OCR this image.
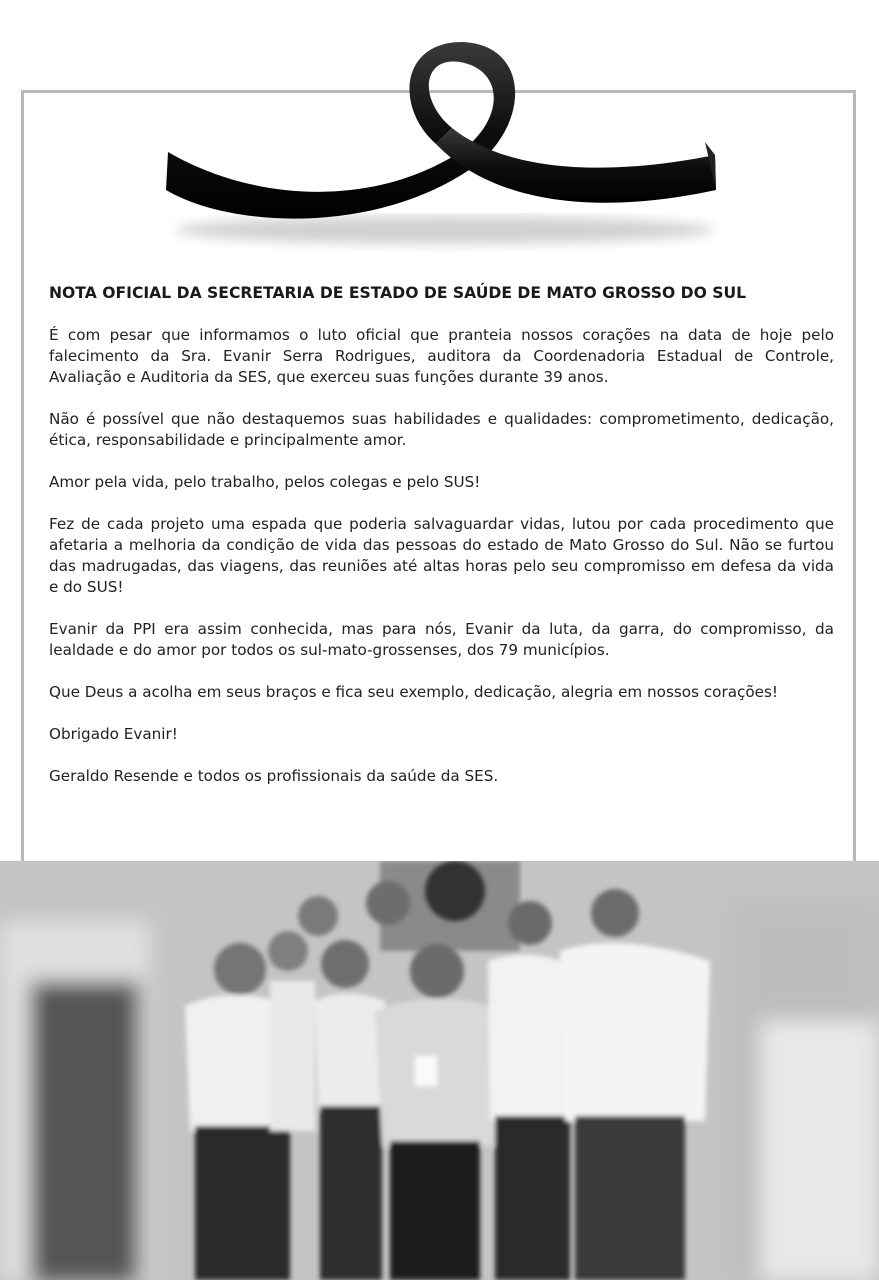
NOTA OFICIAL DA SECRETARIA DE ESTADO DE SAÚDE DE MATO GROSSO DO SUL

É com pesar que informamos o luto oficial que pranteia nossos corações na data de hoje pelo falecimento da Sra. Evanir Serra Rodrigues, auditora da Coordenadoria Estadual de Controle, Avaliação e Auditoria da SES, que exerceu suas funções durante 39 anos.

Não é possível que não destaquemos suas habilidades e qualidades: comprometimento, dedicação, ética, responsabilidade e principalmente amor.

Amor pela vida, pelo trabalho, pelos colegas e pelo SUS!

Fez de cada projeto uma espada que poderia salvaguardar vidas, lutou por cada procedimento que afetaria a melhoria da condição de vida das pessoas do estado de Mato Grosso do Sul. Não se furtou das madrugadas, das viagens, das reuniões até altas horas pelo seu compromisso em defesa da vida e do SUS!

Evanir da PPI era assim conhecida, mas para nós, Evanir da luta, da garra, do compromisso, da lealdade e do amor por todos os sul-mato-grossenses, dos 79 municípios.

Que Deus a acolha em seus braços e fica seu exemplo, dedicação, alegria em nossos corações!

Obrigado Evanir!

Geraldo Resende e todos os profissionais da saúde da SES.
